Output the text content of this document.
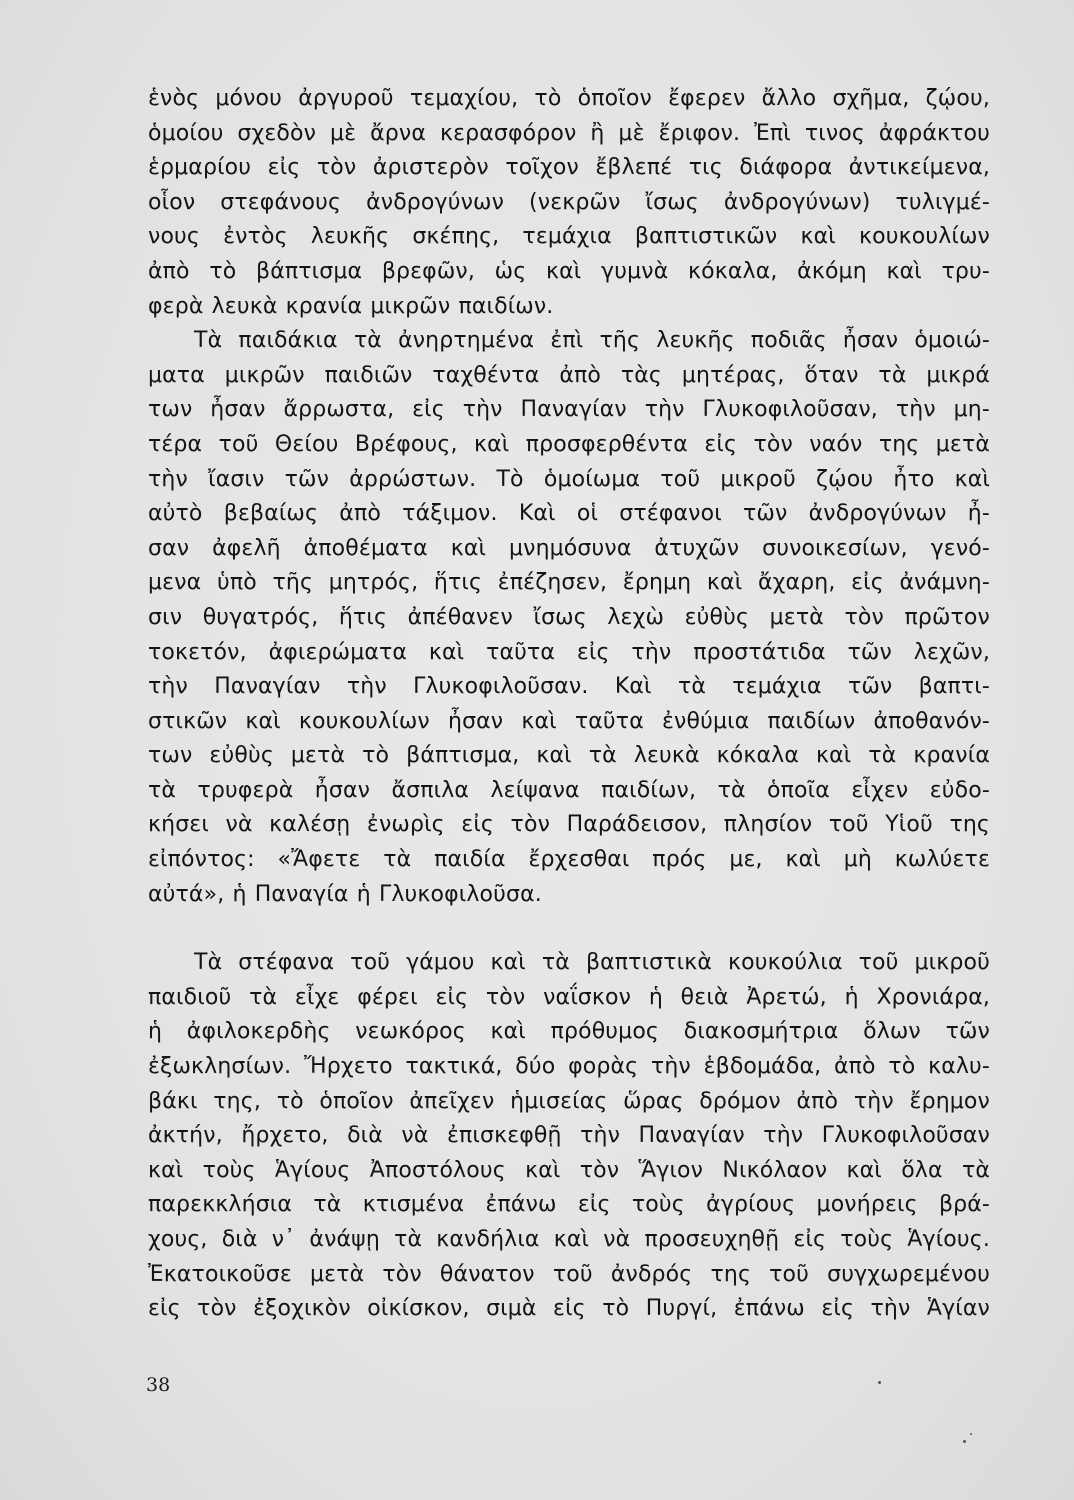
ἑνὸς μόνου ἀργυροῦ τεμαχίου, τὸ ὁποῖον ἔφερεν ἄλλο σχῆμα, ζῴου,
ὁμοίου σχεδὸν μὲ ἄρνα κερασφόρον ἢ μὲ ἔριφον. Ἐπὶ τινος ἀφράκτου
ἑρμαρίου εἰς τὸν ἀριστερὸν τοῖχον ἔβλεπέ τις διάφορα ἀντικείμενα,
οἷον στεφάνους ἀνδρογύνων (νεκρῶν ἴσως ἀνδρογύνων) τυλιγμέ-
νους ἐντὸς λευκῆς σκέπης, τεμάχια βαπτιστικῶν καὶ κουκουλίων
ἀπὸ τὸ βάπτισμα βρεφῶν, ὡς καὶ γυμνὰ κόκαλα, ἀκόμη καὶ τρυ-
φερὰ λευκὰ κρανία μικρῶν παιδίων.
Τὰ παιδάκια τὰ ἀνηρτημένα ἐπὶ τῆς λευκῆς ποδιᾶς ἦσαν ὁμοιώ-
ματα μικρῶν παιδιῶν ταχθέντα ἀπὸ τὰς μητέρας, ὅταν τὰ μικρά
των ἦσαν ἄρρωστα, εἰς τὴν Παναγίαν τὴν Γλυκοφιλοῦσαν, τὴν μη-
τέρα τοῦ Θείου Βρέφους, καὶ προσφερθέντα εἰς τὸν ναόν της μετὰ
τὴν ἴασιν τῶν ἀρρώστων. Τὸ ὁμοίωμα τοῦ μικροῦ ζῴου ἦτο καὶ
αὐτὸ βεβαίως ἀπὸ τάξιμον. Καὶ οἱ στέφανοι τῶν ἀνδρογύνων ἦ-
σαν ἀφελῆ ἀποθέματα καὶ μνημόσυνα ἀτυχῶν συνοικεσίων, γενό-
μενα ὑπὸ τῆς μητρός, ἥτις ἐπέζησεν, ἔρημη καὶ ἄχαρη, εἰς ἀνάμνη-
σιν θυγατρός, ἥτις ἀπέθανεν ἴσως λεχὼ εὐθὺς μετὰ τὸν πρῶτον
τοκετόν, ἀφιερώματα καὶ ταῦτα εἰς τὴν προστάτιδα τῶν λεχῶν,
τὴν Παναγίαν τὴν Γλυκοφιλοῦσαν. Καὶ τὰ τεμάχια τῶν βαπτι-
στικῶν καὶ κουκουλίων ἦσαν καὶ ταῦτα ἐνθύμια παιδίων ἀποθανόν-
των εὐθὺς μετὰ τὸ βάπτισμα, καὶ τὰ λευκὰ κόκαλα καὶ τὰ κρανία
τὰ τρυφερὰ ἦσαν ἄσπιλα λείψανα παιδίων, τὰ ὁποῖα εἶχεν εὐδο-
κήσει νὰ καλέσῃ ἐνωρὶς εἰς τὸν Παράδεισον, πλησίον τοῦ Υἱοῦ της
εἰπόντος: «Ἄφετε τὰ παιδία ἔρχεσθαι πρός με, καὶ μὴ κωλύετε
αὐτά», ἡ Παναγία ἡ Γλυκοφιλοῦσα.
Τὰ στέφανα τοῦ γάμου καὶ τὰ βαπτιστικὰ κουκούλια τοῦ μικροῦ
παιδιοῦ τὰ εἶχε φέρει εἰς τὸν ναΐσκον ἡ θειὰ Ἀρετώ, ἡ Χρονιάρα,
ἡ ἀφιλοκερδὴς νεωκόρος καὶ πρόθυμος διακοσμήτρια ὅλων τῶν
ἐξωκλησίων. Ἤρχετο τακτικά, δύο φορὰς τὴν ἑβδομάδα, ἀπὸ τὸ καλυ-
βάκι της, τὸ ὁποῖον ἀπεῖχεν ἡμισείας ὥρας δρόμον ἀπὸ τὴν ἔρημον
ἀκτήν, ἤρχετο, διὰ νὰ ἐπισκεφθῇ τὴν Παναγίαν τὴν Γλυκοφιλοῦσαν
καὶ τοὺς Ἁγίους Ἀποστόλους καὶ τὸν Ἅγιον Νικόλαον καὶ ὅλα τὰ
παρεκκλήσια τὰ κτισμένα ἐπάνω εἰς τοὺς ἀγρίους μονήρεις βρά-
χους, διὰ ν᾽ ἀνάψῃ τὰ κανδήλια καὶ νὰ προσευχηθῇ εἰς τοὺς Ἁγίους.
Ἐκατοικοῦσε μετὰ τὸν θάνατον τοῦ ἀνδρός της τοῦ συγχωρεμένου
εἰς τὸν ἐξοχικὸν οἰκίσκον, σιμὰ εἰς τὸ Πυργί, ἐπάνω εἰς τὴν Ἁγίαν
38
